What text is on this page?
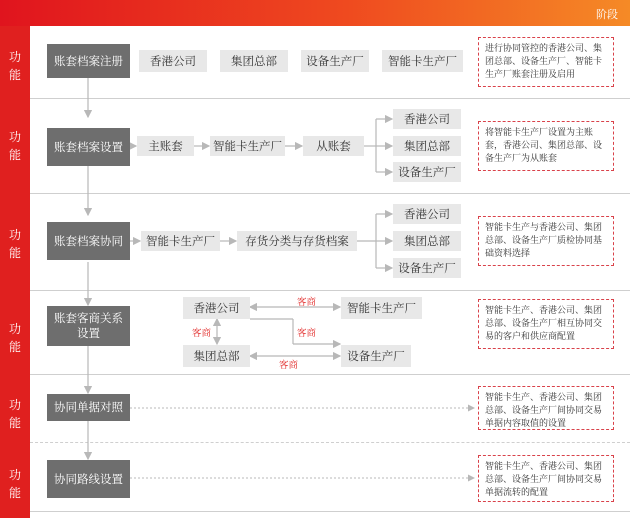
阶段
功
能
功
能
功
能
功
能
功
能
功
能
账套档案注册	香港公司	集团总部	设备生产厂	智能卡生产厂
进行协同管控的香港公司、集团总部、设备生产厂、智能卡生产厂账套注册及启用
账套档案设置	主账套	智能卡生产厂	从账套
香港公司
集团总部
设备生产厂
将智能卡生产厂设置为主账套，香港公司、集团总部、设备生产厂为从账套
账套档案协同	智能卡生产厂	存货分类与存货档案
香港公司
集团总部
设备生产厂
智能卡生产与香港公司、集团总部、设备生产厂质检协同基础资料选择
账套客商关系设置
香港公司	智能卡生产厂
集团总部	设备生产厂
客商
客商	客商
客商
智能卡生产、香港公司、集团总部、设备生产厂相互协同交易的客户和供应商配置
协同单据对照
智能卡生产、香港公司、集团总部、设备生产厂间协同交易单据内容取值的设置
协同路线设置
智能卡生产、香港公司、集团总部、设备生产厂间协同交易单据流转的配置
